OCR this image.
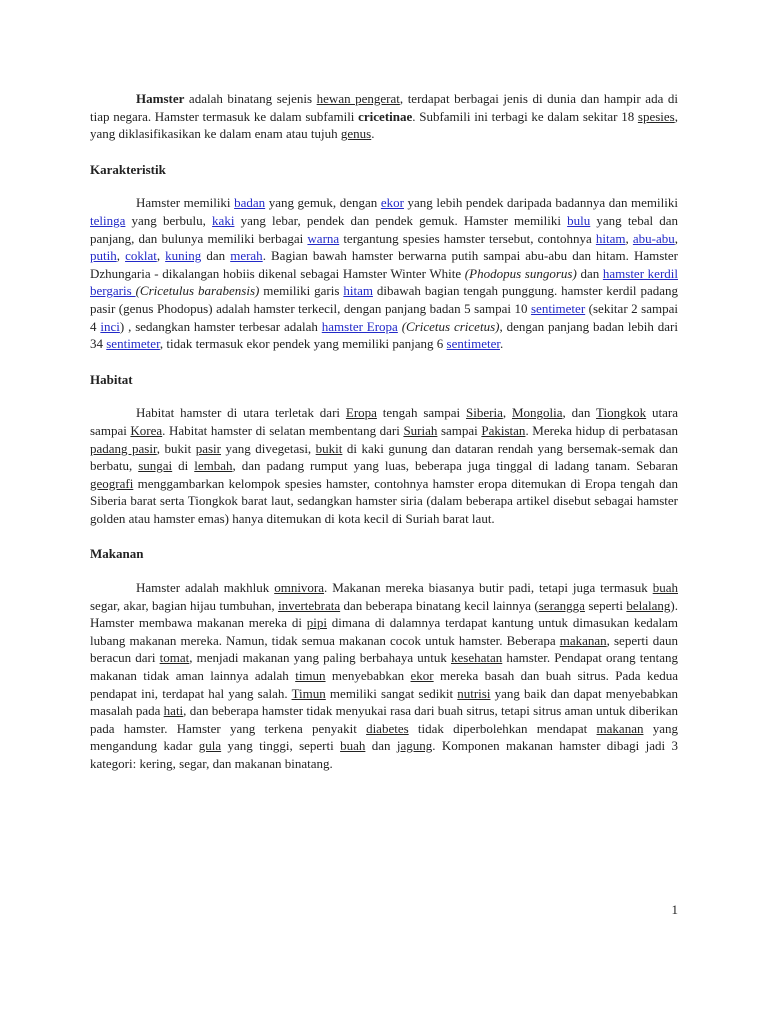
Hamster adalah binatang sejenis hewan pengerat, terdapat berbagai jenis di dunia dan hampir ada di tiap negara. Hamster termasuk ke dalam subfamili cricetinae. Subfamili ini terbagi ke dalam sekitar 18 spesies, yang diklasifikasikan ke dalam enam atau tujuh genus.

Karakteristik

Hamster memiliki badan yang gemuk, dengan ekor yang lebih pendek daripada badannya dan memiliki telinga yang berbulu, kaki yang lebar, pendek dan pendek gemuk. Hamster memiliki bulu yang tebal dan panjang, dan bulunya memiliki berbagai warna tergantung spesies hamster tersebut, contohnya hitam, abu-abu, putih, coklat, kuning dan merah. Bagian bawah hamster berwarna putih sampai abu-abu dan hitam. Hamster Dzhungaria - dikalangan hobiis dikenal sebagai Hamster Winter White (Phodopus sungorus) dan hamster kerdil bergaris (Cricetulus barabensis) memiliki garis hitam dibawah bagian tengah punggung. hamster kerdil padang pasir (genus Phodopus) adalah hamster terkecil, dengan panjang badan 5 sampai 10 sentimeter (sekitar 2 sampai 4 inci) , sedangkan hamster terbesar adalah hamster Eropa (Cricetus cricetus), dengan panjang badan lebih dari 34 sentimeter, tidak termasuk ekor pendek yang memiliki panjang 6 sentimeter.

Habitat

Habitat hamster di utara terletak dari Eropa tengah sampai Siberia, Mongolia, dan Tiongkok utara sampai Korea. Habitat hamster di selatan membentang dari Suriah sampai Pakistan. Mereka hidup di perbatasan padang pasir, bukit pasir yang divegetasi, bukit di kaki gunung dan dataran rendah yang bersemak-semak dan berbatu, sungai di lembah, dan padang rumput yang luas, beberapa juga tinggal di ladang tanam. Sebaran geografi menggambarkan kelompok spesies hamster, contohnya hamster eropa ditemukan di Eropa tengah dan Siberia barat serta Tiongkok barat laut, sedangkan hamster siria (dalam beberapa artikel disebut sebagai hamster golden atau hamster emas) hanya ditemukan di kota kecil di Suriah barat laut.

Makanan

Hamster adalah makhluk omnivora. Makanan mereka biasanya butir padi, tetapi juga termasuk buah segar, akar, bagian hijau tumbuhan, invertebrata dan beberapa binatang kecil lainnya (serangga seperti belalang). Hamster membawa makanan mereka di pipi dimana di dalamnya terdapat kantung untuk dimasukan kedalam lubang makanan mereka. Namun, tidak semua makanan cocok untuk hamster. Beberapa makanan, seperti daun beracun dari tomat, menjadi makanan yang paling berbahaya untuk kesehatan hamster. Pendapat orang tentang makanan tidak aman lainnya adalah timun menyebabkan ekor mereka basah dan buah sitrus. Pada kedua pendapat ini, terdapat hal yang salah. Timun memiliki sangat sedikit nutrisi yang baik dan dapat menyebabkan masalah pada hati, dan beberapa hamster tidak menyukai rasa dari buah sitrus, tetapi sitrus aman untuk diberikan pada hamster. Hamster yang terkena penyakit diabetes tidak diperbolehkan mendapat makanan yang mengandung kadar gula yang tinggi, seperti buah dan jagung. Komponen makanan hamster dibagi jadi 3 kategori: kering, segar, dan makanan binatang.

1
